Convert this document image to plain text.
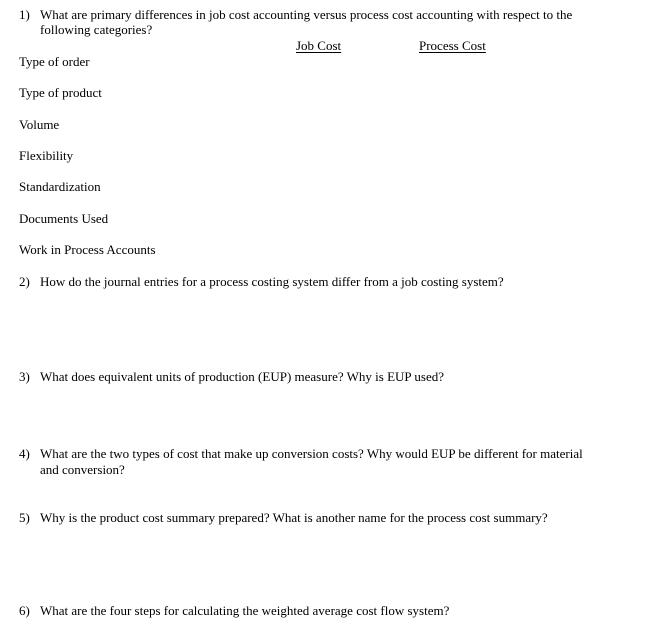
1) What are primary differences in job cost accounting versus process cost accounting with respect to the
following categories?
Job Cost	Process Cost
Type of order
Type of product
Volume
Flexibility
Standardization
Documents Used
Work in Process Accounts
2) How do the journal entries for a process costing system differ from a job costing system?
3) What does equivalent units of production (EUP) measure? Why is EUP used?
4) What are the two types of cost that make up conversion costs? Why would EUP be different for material
and conversion?
5) Why is the product cost summary prepared? What is another name for the process cost summary?
6) What are the four steps for calculating the weighted average cost flow system?
